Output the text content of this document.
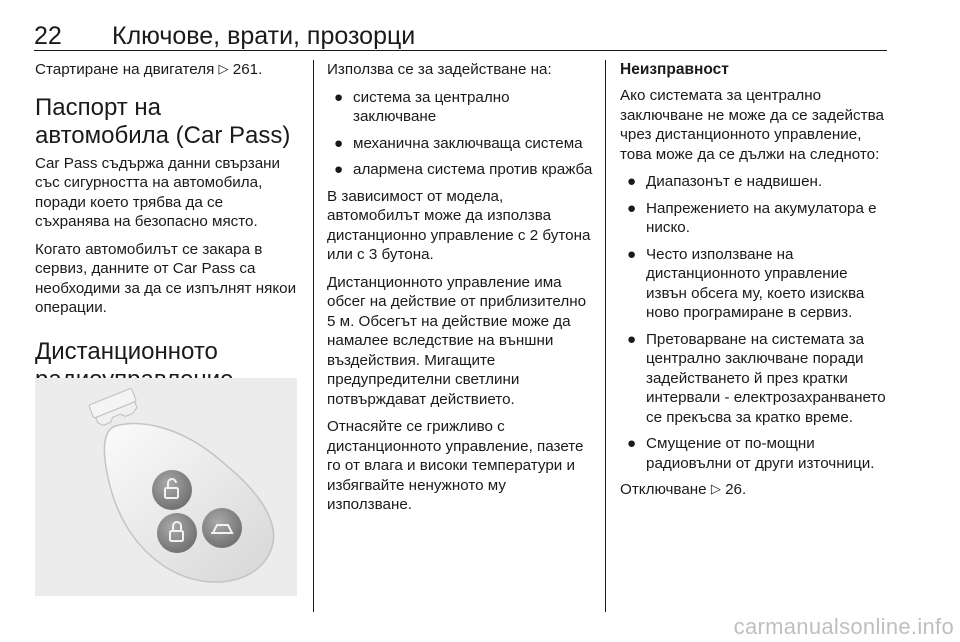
22 Ключове, врати, прозорци

Стартиране на двигателя ▷ 261.

Паспорт на автомобила (Car Pass)

Car Pass съдържа данни свързани със сигурността на автомобила, поради което трябва да се съхранява на безопасно място.

Когато автомобилът се закара в сервиз, данните от Car Pass са необходими за да се изпълнят някои операции.

Дистанционното

Използва се за задействане на:

● система за централно заключване
● механична заключваща система
● алармена система против кражба

В зависимост от модела, автомобилът може да използва дистанционно управление с 2 бутона или с 3 бутона.

Дистанционното управление има обсег на действие от приблизително 5 м. Обсегът на действие може да намалее вследствие на външни въздействия. Мигащите предупредителни светлини потвърждават действието.

Отнасяйте се грижливо с дистанционното управление, пазете го от влага и високи температури и избягвайте ненужното му използване.

Неизправност

Ако системата за централно заключване не може да се задейства чрез дистанционното управление, това може да се дължи на следното:

● Диапазонът е надвишен.
● Напрежението на акумулатора е ниско.
● Често използване на дистанционното управление извън обсега му, което изисква ново програмиране в сервиз.
● Претоварване на системата за централно заключване поради задействането й през кратки интервали - електрозахранването се прекъсва за кратко време.
● Смущение от по-мощни радиовълни от други източници.

Отключване ▷ 26.

carmanualsonline.info
